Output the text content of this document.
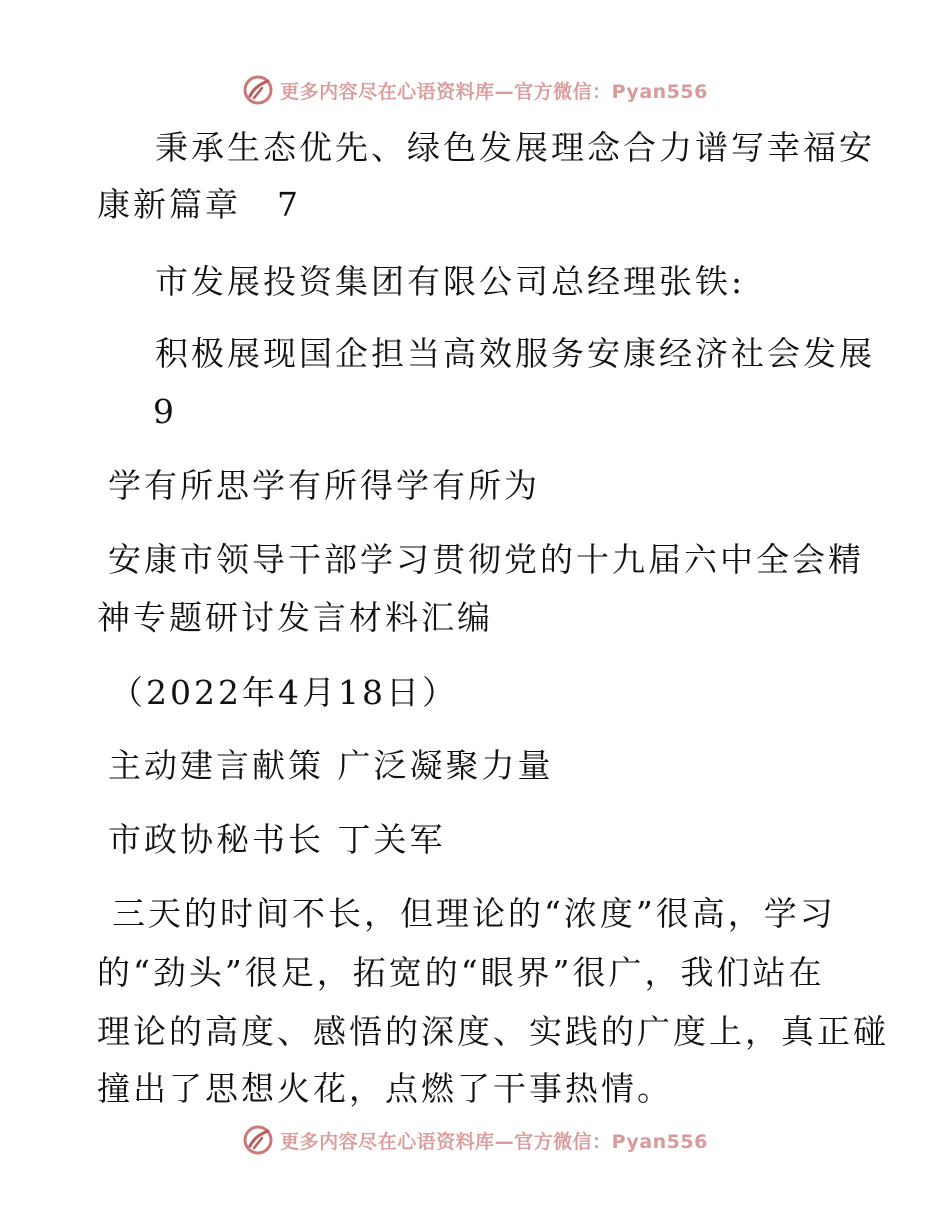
更多内容尽在心语资料库—官方微信：Pyan556
秉承生态优先、绿色发展理念合力谱写幸福安
康新篇章　7
市发展投资集团有限公司总经理张铁:
积极展现国企担当高效服务安康经济社会发展
9
学有所思学有所得学有所为
安康市领导干部学习贯彻党的十九届六中全会精
神专题研讨发言材料汇编
（2022年4月18日）
主动建言献策 广泛凝聚力量
市政协秘书长 丁关军
三天的时间不长，但理论的“浓度”很高，学习
的“劲头”很足，拓宽的“眼界”很广，我们站在
理论的高度、感悟的深度、实践的广度上，真正碰
撞出了思想火花，点燃了干事热情。
更多内容尽在心语资料库—官方微信：Pyan556
